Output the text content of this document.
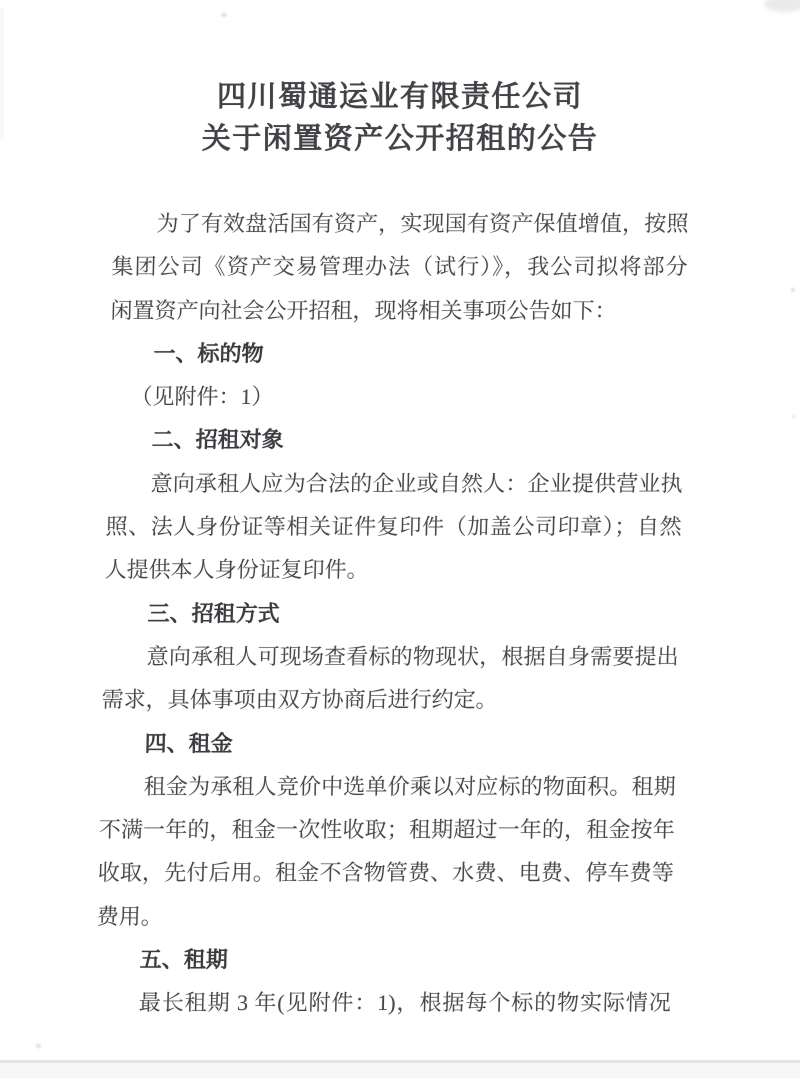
四川蜀通运业有限责任公司
关于闲置资产公开招租的公告
为了有效盘活国有资产，实现国有资产保值增值，按照
集团公司《资产交易管理办法（试行）》，我公司拟将部分
闲置资产向社会公开招租，现将相关事项公告如下：
一、标的物
（见附件：1）
二、招租对象
意向承租人应为合法的企业或自然人：企业提供营业执
照、法人身份证等相关证件复印件（加盖公司印章）；自然
人提供本人身份证复印件。
三、招租方式
意向承租人可现场查看标的物现状，根据自身需要提出
需求，具体事项由双方协商后进行约定。
四、租金
租金为承租人竞价中选单价乘以对应标的物面积。租期
不满一年的，租金一次性收取；租期超过一年的，租金按年
收取，先付后用。租金不含物管费、水费、电费、停车费等
费用。
五、租期
最长租期 3 年(见附件：1)，根据每个标的物实际情况
